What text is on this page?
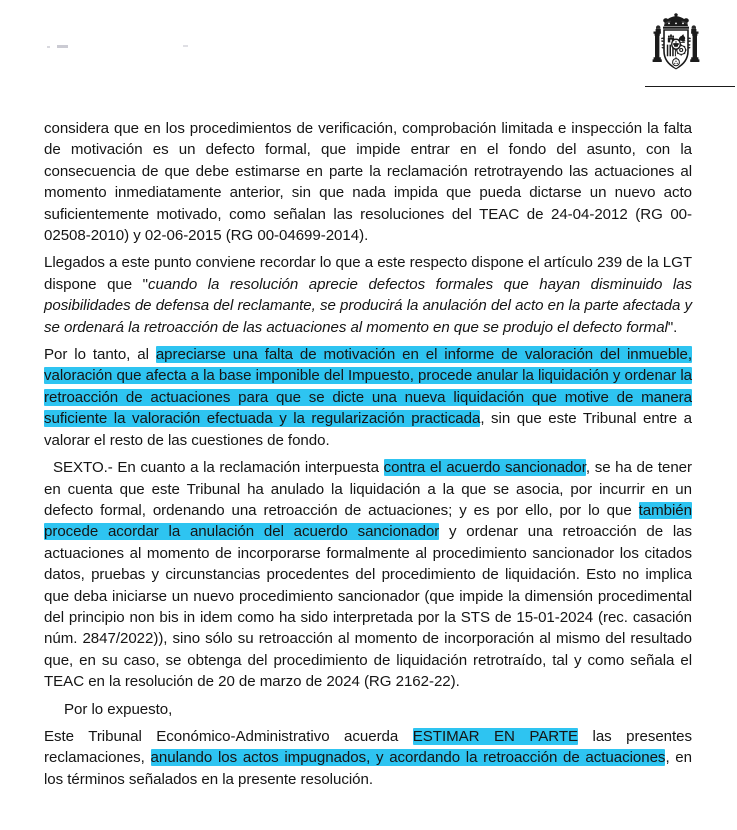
considera que en los procedimientos de verificación, comprobación limitada e inspección la falta de motivación es un defecto formal, que impide entrar en el fondo del asunto, con la consecuencia de que debe estimarse en parte la reclamación retrotrayendo las actuaciones al momento inmediatamente anterior, sin que nada impida que pueda dictarse un nuevo acto suficientemente motivado, como señalan las resoluciones del TEAC de 24-04-2012 (RG 00-02508-2010) y 02-06-2015 (RG 00-04699-2014).

Llegados a este punto conviene recordar lo que a este respecto dispone el artículo 239 de la LGT dispone que "cuando la resolución aprecie defectos formales que hayan disminuido las posibilidades de defensa del reclamante, se producirá la anulación del acto en la parte afectada y se ordenará la retroacción de las actuaciones al momento en que se produjo el defecto formal".

Por lo tanto, al apreciarse una falta de motivación en el informe de valoración del inmueble, valoración que afecta a la base imponible del Impuesto, procede anular la liquidación y ordenar la retroacción de actuaciones para que se dicte una nueva liquidación que motive de manera suficiente la valoración efectuada y la regularización practicada, sin que este Tribunal entre a valorar el resto de las cuestiones de fondo.

SEXTO.- En cuanto a la reclamación interpuesta contra el acuerdo sancionador, se ha de tener en cuenta que este Tribunal ha anulado la liquidación a la que se asocia, por incurrir en un defecto formal, ordenando una retroacción de actuaciones; y es por ello, por lo que también procede acordar la anulación del acuerdo sancionador y ordenar una retroacción de las actuaciones al momento de incorporarse formalmente al procedimiento sancionador los citados datos, pruebas y circunstancias procedentes del procedimiento de liquidación. Esto no implica que deba iniciarse un nuevo procedimiento sancionador (que impide la dimensión procedimental del principio non bis in idem como ha sido interpretada por la STS de 15-01-2024 (rec. casación núm. 2847/2022)), sino sólo su retroacción al momento de incorporación al mismo del resultado que, en su caso, se obtenga del procedimiento de liquidación retrotraído, tal y como señala el TEAC en la resolución de 20 de marzo de 2024 (RG 2162-22).

Por lo expuesto,

Este Tribunal Económico-Administrativo acuerda ESTIMAR EN PARTE las presentes reclamaciones, anulando los actos impugnados, y acordando la retroacción de actuaciones, en los términos señalados en la presente resolución.
